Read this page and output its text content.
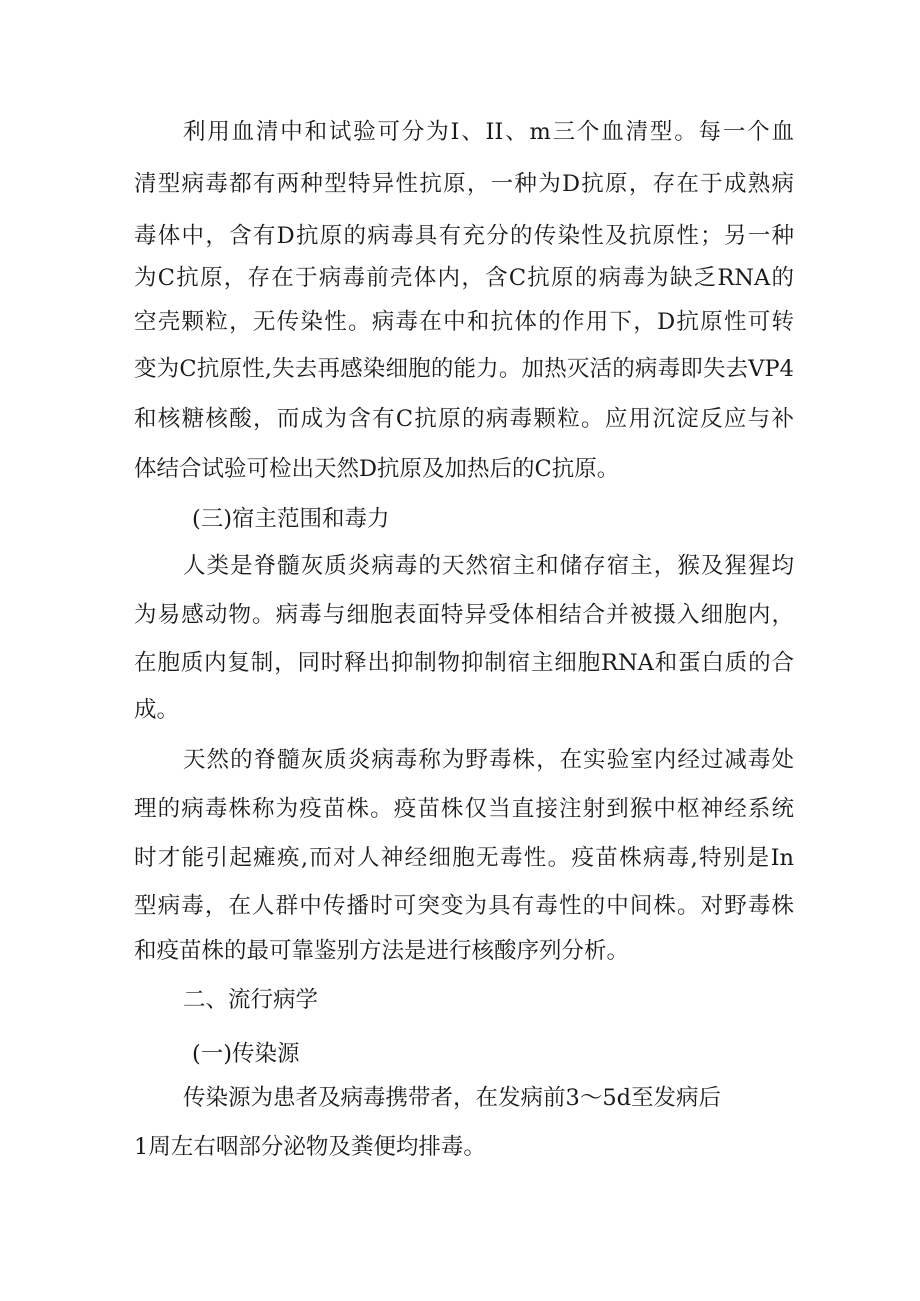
利用血清中和试验可分为Ⅰ、II、m三个血清型。每一个血
清型病毒都有两种型特异性抗原，一种为D抗原，存在于成熟病
毒体中，含有D抗原的病毒具有充分的传染性及抗原性；另一种
为C抗原，存在于病毒前壳体内，含C抗原的病毒为缺乏RNA的
空壳颗粒，无传染性。病毒在中和抗体的作用下，D抗原性可转
变为C抗原性,失去再感染细胞的能力。加热灭活的病毒即失去VP4
和核糖核酸，而成为含有C抗原的病毒颗粒。应用沉淀反应与补
体结合试验可检出天然D抗原及加热后的C抗原。
(三)宿主范围和毒力
人类是脊髓灰质炎病毒的天然宿主和储存宿主，猴及猩猩均
为易感动物。病毒与细胞表面特异受体相结合并被摄入细胞内，
在胞质内复制，同时释出抑制物抑制宿主细胞RNA和蛋白质的合
成。
天然的脊髓灰质炎病毒称为野毒株，在实验室内经过减毒处
理的病毒株称为疫苗株。疫苗株仅当直接注射到猴中枢神经系统
时才能引起瘫痪,而对人神经细胞无毒性。疫苗株病毒,特别是In
型病毒，在人群中传播时可突变为具有毒性的中间株。对野毒株
和疫苗株的最可靠鉴别方法是进行核酸序列分析。
二、流行病学
(一)传染源
传染源为患者及病毒携带者，在发病前3～5d至发病后
1周左右咽部分泌物及粪便均排毒。
